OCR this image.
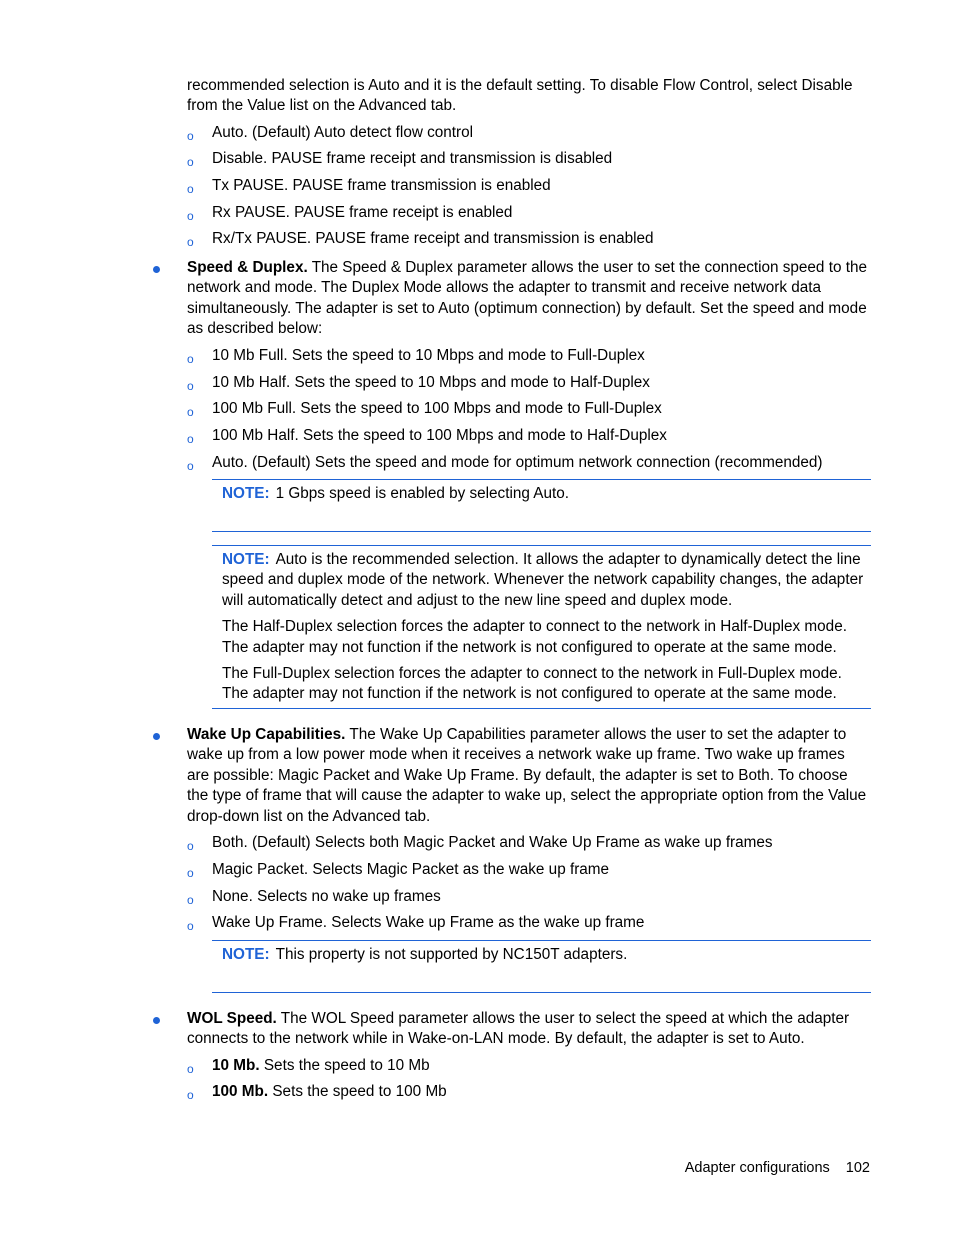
recommended selection is Auto and it is the default setting. To disable Flow Control, select Disable from the Value list on the Advanced tab.

o Auto. (Default) Auto detect flow control
o Disable. PAUSE frame receipt and transmission is disabled
o Tx PAUSE. PAUSE frame transmission is enabled
o Rx PAUSE. PAUSE frame receipt is enabled
o Rx/Tx PAUSE. PAUSE frame receipt and transmission is enabled

Speed & Duplex. The Speed & Duplex parameter allows the user to set the connection speed to the network and mode. The Duplex Mode allows the adapter to transmit and receive network data simultaneously. The adapter is set to Auto (optimum connection) by default. Set the speed and mode as described below:

o 10 Mb Full. Sets the speed to 10 Mbps and mode to Full-Duplex
o 10 Mb Half. Sets the speed to 10 Mbps and mode to Half-Duplex
o 100 Mb Full. Sets the speed to 100 Mbps and mode to Full-Duplex
o 100 Mb Half. Sets the speed to 100 Mbps and mode to Half-Duplex
o Auto. (Default) Sets the speed and mode for optimum network connection (recommended)

NOTE: 1 Gbps speed is enabled by selecting Auto.

NOTE: Auto is the recommended selection. It allows the adapter to dynamically detect the line speed and duplex mode of the network. Whenever the network capability changes, the adapter will automatically detect and adjust to the new line speed and duplex mode.

The Half-Duplex selection forces the adapter to connect to the network in Half-Duplex mode. The adapter may not function if the network is not configured to operate at the same mode.

The Full-Duplex selection forces the adapter to connect to the network in Full-Duplex mode. The adapter may not function if the network is not configured to operate at the same mode.

Wake Up Capabilities. The Wake Up Capabilities parameter allows the user to set the adapter to wake up from a low power mode when it receives a network wake up frame. Two wake up frames are possible: Magic Packet and Wake Up Frame. By default, the adapter is set to Both. To choose the type of frame that will cause the adapter to wake up, select the appropriate option from the Value drop-down list on the Advanced tab.

o Both. (Default) Selects both Magic Packet and Wake Up Frame as wake up frames
o Magic Packet. Selects Magic Packet as the wake up frame
o None. Selects no wake up frames
o Wake Up Frame. Selects Wake up Frame as the wake up frame

NOTE: This property is not supported by NC150T adapters.

WOL Speed. The WOL Speed parameter allows the user to select the speed at which the adapter connects to the network while in Wake-on-LAN mode. By default, the adapter is set to Auto.

o 10 Mb. Sets the speed to 10 Mb
o 100 Mb. Sets the speed to 100 Mb
Adapter configurations 102
